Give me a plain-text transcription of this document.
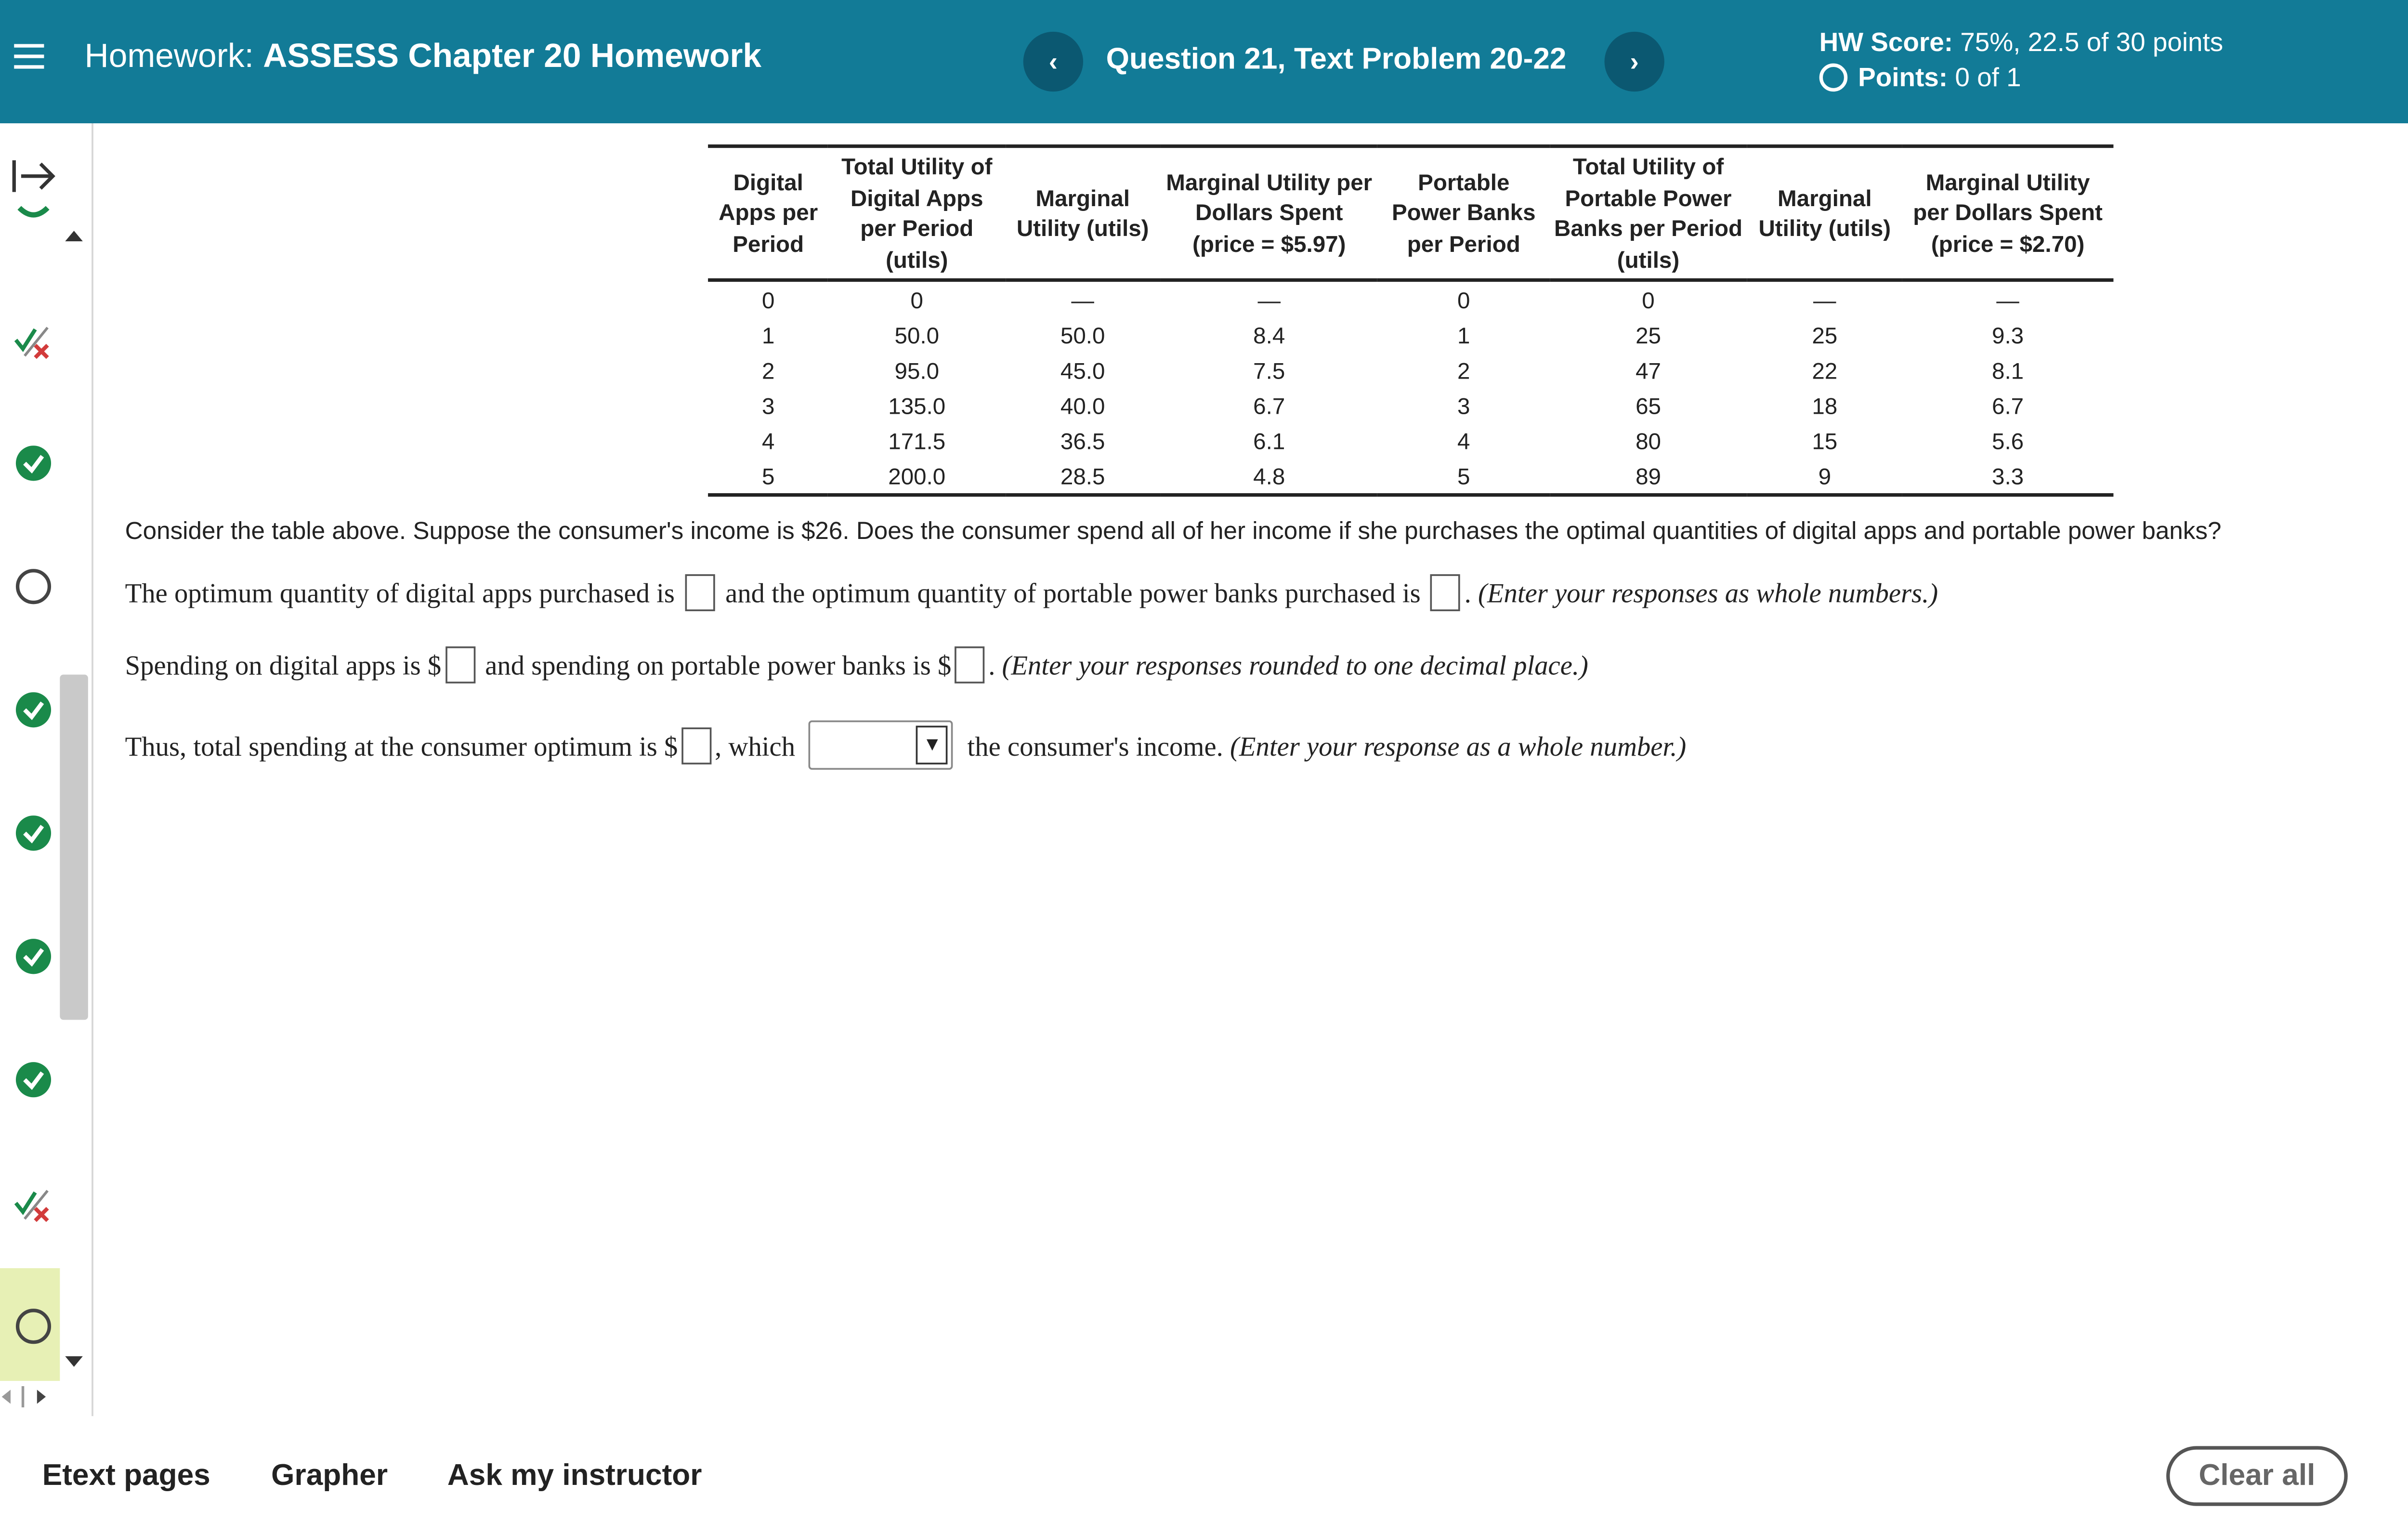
Homework: ASSESS Chapter 20 Homework	‹	Question 21, Text Problem 20-22	›
HW Score: 75%, 22.5 of 30 points
Points: 0 of 1
Digital Apps per Period	Total Utility of Digital Apps per Period (utils)	Marginal Utility (utils)	Marginal Utility per Dollars Spent (price = $5.97)	Portable Power Banks per Period	Total Utility of Portable Power Banks per Period (utils)	Marginal Utility (utils)	Marginal Utility per Dollars Spent (price = $2.70)
0	0	—	—	0	0	—	—
1	50.0	50.0	8.4	1	25	25	9.3
2	95.0	45.0	7.5	2	47	22	8.1
3	135.0	40.0	6.7	3	65	18	6.7
4	171.5	36.5	6.1	4	80	15	5.6
5	200.0	28.5	4.8	5	89	9	3.3
Consider the table above. Suppose the consumer's income is $26. Does the consumer spend all of her income if she purchases the optimal quantities of digital apps and portable power banks?
The optimum quantity of digital apps purchased is	and the optimum quantity of portable power banks purchased is	. (Enter your responses as whole numbers.)
Spending on digital apps is $	and spending on portable power banks is $	. (Enter your responses rounded to one decimal place.)
Thus, total spending at the consumer optimum is $	, which	▼	the consumer's income. (Enter your response as a whole number.)
Etext pages	Grapher	Ask my instructor	Clear all
